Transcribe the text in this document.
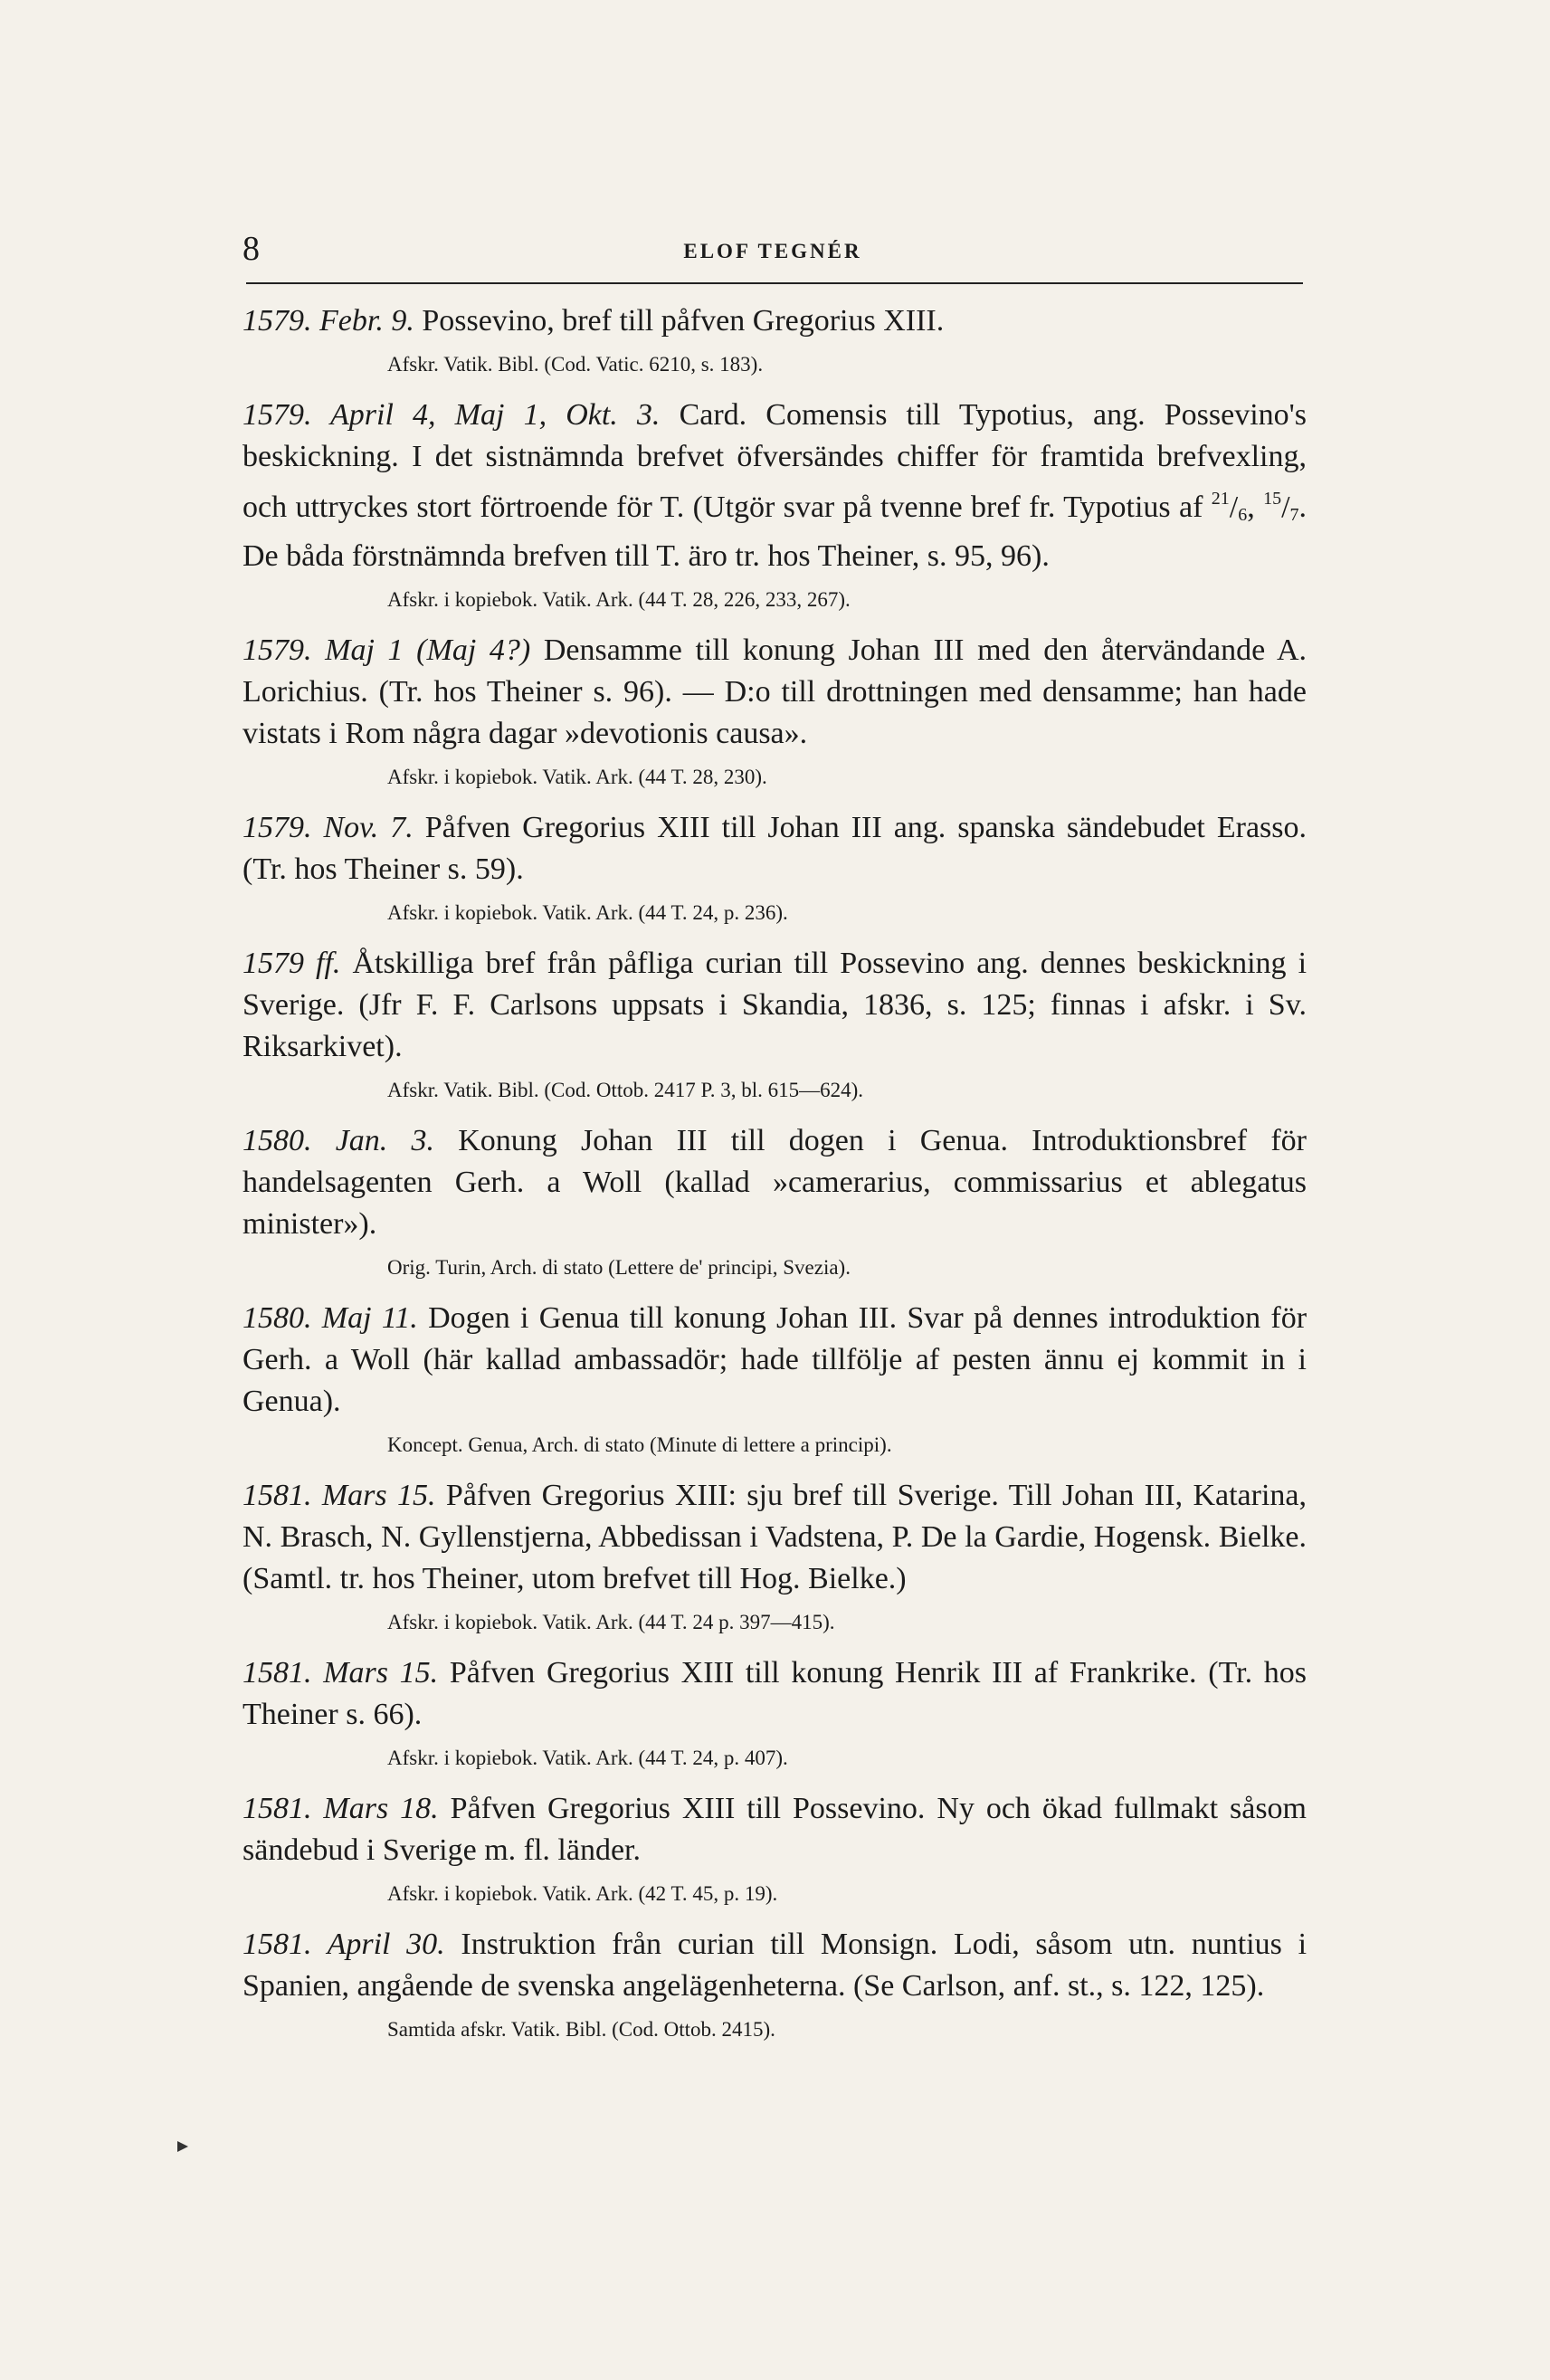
8	ELOF TEGNÉR

1579. Febr. 9. Possevino, bref till påfven Gregorius XIII.

Afskr. Vatik. Bibl. (Cod. Vatic. 6210, s. 183).

1579. April 4, Maj 1, Okt. 3. Card. Comensis till Typotius, ang. Possevino's beskickning. I det sistnämnda brefvet öfversändes chiffer för framtida brefvexling, och uttryckes stort förtroende för T. (Utgör svar på tvenne bref fr. Typotius af $^{21}/_6$, $^{15}/_7$. De båda förstnämnda brefven till T. äro tr. hos Theiner, s. 95, 96).

Afskr. i kopiebok. Vatik. Ark. (44 T. 28, 226, 233, 267).

1579. Maj 1 (Maj 4?) Densamme till konung Johan III med den återvändande A. Lorichius. (Tr. hos Theiner s. 96). — D:o till drottningen med densamme; han hade vistats i Rom några dagar »devotionis causa».

Afskr. i kopiebok. Vatik. Ark. (44 T. 28, 230).

1579. Nov. 7. Påfven Gregorius XIII till Johan III ang. spanska sändebudet Erasso. (Tr. hos Theiner s. 59).

Afskr. i kopiebok. Vatik. Ark. (44 T. 24, p. 236).

1579 ff. Åtskilliga bref från påfliga curian till Possevino ang. dennes beskickning i Sverige. (Jfr F. F. Carlsons uppsats i Skandia, 1836, s. 125; finnas i afskr. i Sv. Riksarkivet).

Afskr. Vatik. Bibl. (Cod. Ottob. 2417 P. 3, bl. 615—624).

1580. Jan. 3. Konung Johan III till dogen i Genua. Introduktionsbref för handelsagenten Gerh. a Woll (kallad »camerarius, commissarius et ablegatus minister»).

Orig. Turin, Arch. di stato (Lettere de' principi, Svezia).

1580. Maj 11. Dogen i Genua till konung Johan III. Svar på dennes introduktion för Gerh. a Woll (här kallad ambassadör; hade tillfölje af pesten ännu ej kommit in i Genua).

Koncept. Genua, Arch. di stato (Minute di lettere a principi).

1581. Mars 15. Påfven Gregorius XIII: sju bref till Sverige. Till Johan III, Katarina, N. Brasch, N. Gyllenstjerna, Abbedissan i Vadstena, P. De la Gardie, Hogensk. Bielke. (Samtl. tr. hos Theiner, utom brefvet till Hog. Bielke.)

Afskr. i kopiebok. Vatik. Ark. (44 T. 24 p. 397—415).

1581. Mars 15. Påfven Gregorius XIII till konung Henrik III af Frankrike. (Tr. hos Theiner s. 66).

Afskr. i kopiebok. Vatik. Ark. (44 T. 24, p. 407).

1581. Mars 18. Påfven Gregorius XIII till Possevino. Ny och ökad fullmakt såsom sändebud i Sverige m. fl. länder.

Afskr. i kopiebok. Vatik. Ark. (42 T. 45, p. 19).

1581. April 30. Instruktion från curian till Monsign. Lodi, såsom utn. nuntius i Spanien, angående de svenska angelägenheterna. (Se Carlson, anf. st., s. 122, 125).

Samtida afskr. Vatik. Bibl. (Cod. Ottob. 2415).
